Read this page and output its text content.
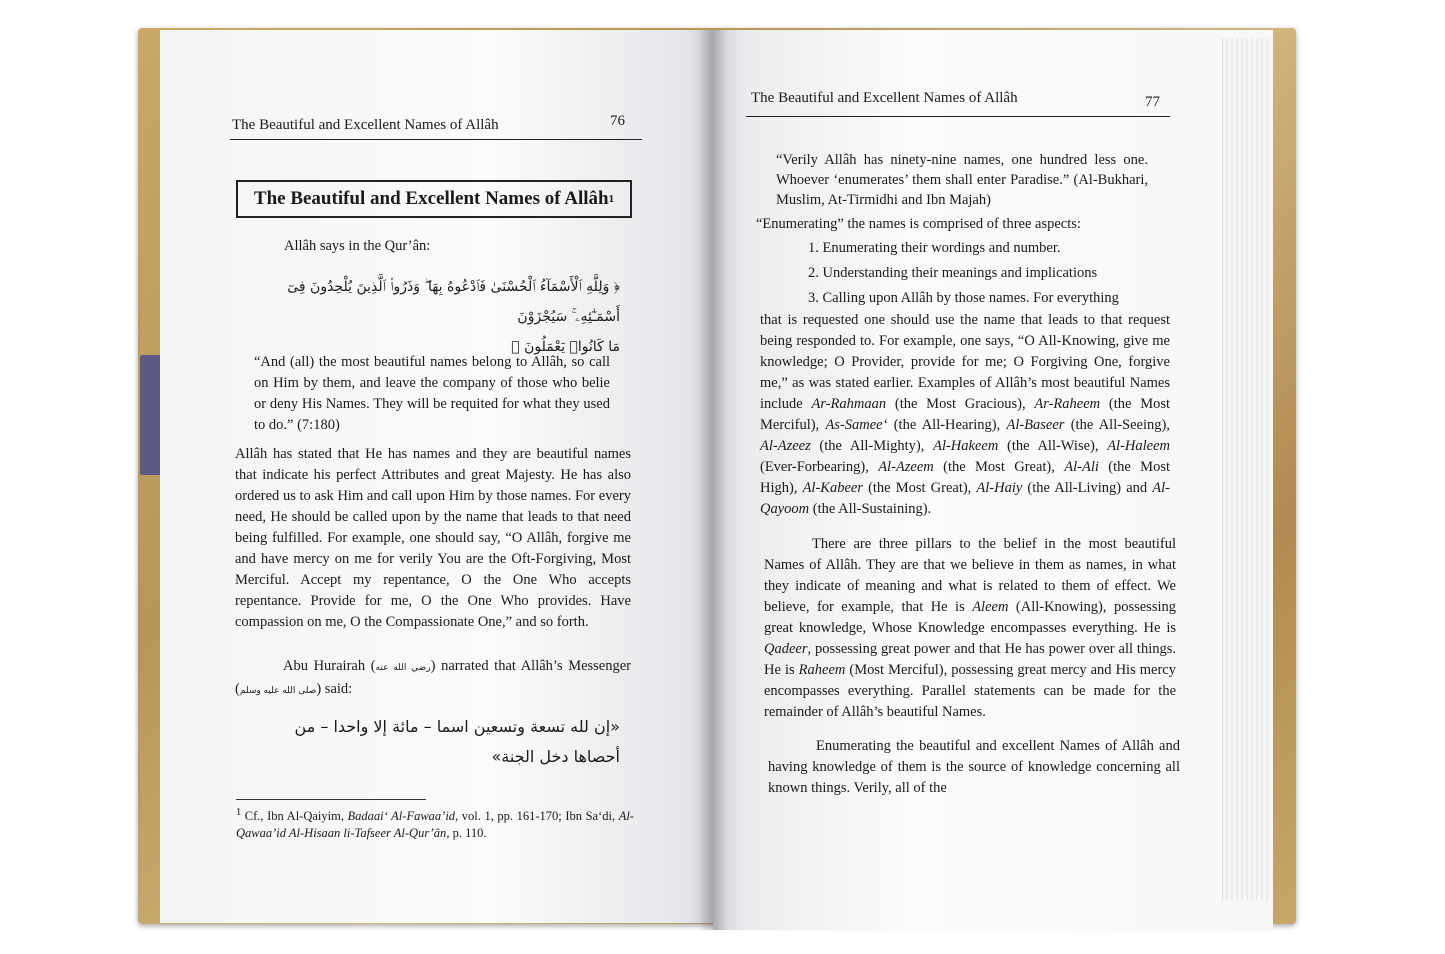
The Beautiful and Excellent Names of Allâh	76
The Beautiful and Excellent Names of Allâh 1
Allâh says in the Qur’ân:
﴿ وَلِلَّهِ ٱلْأَسْمَآءُ ٱلْحُسْنَىٰ فَٱدْعُوهُ بِهَا ۖ وَذَرُوا۟ ٱلَّذِينَ يُلْحِدُونَ فِىٓ أَسْمَـٰٓئِهِۦ ۚ سَيُجْزَوْنَ
مَا كَانُوا۟ يَعْمَلُونَ ﴾
“And (all) the most beautiful names belong to Allâh, so call on Him by them, and leave the company of those who belie or deny His Names. They will be requited for what they used to do.” (7:180)
Allâh has stated that He has names and they are beautiful names that indicate his perfect Attributes and great Majesty. He has also ordered us to ask Him and call upon Him by those names. For every need, He should be called upon by the name that leads to that need being fulfilled. For example, one should say, “O Allâh, forgive me and have mercy on me for verily You are the Oft-Forgiving, Most Merciful. Accept my repentance, O the One Who accepts repentance. Provide for me, O the One Who provides. Have compassion on me, O the Compassionate One,” and so forth.
Abu Hurairah (رضي الله عنه) narrated that Allâh’s Messenger (صلى الله عليه وسلم) said:
«إن لله تسعة وتسعين اسما – مائة إلا واحدا – من
أحصاها دخل الجنة»
$^1$ Cf., Ibn Al-Qaiyim, Badaai‘ Al-Fawaa’id, vol. 1, pp. 161-170; Ibn Sa‘di, Al-Qawaa’id Al-Hisaan li-Tafseer Al-Qur’ân, p. 110.
The Beautiful and Excellent Names of Allâh	77
“Verily Allâh has ninety-nine names, one hundred less one. Whoever ‘enumerates’ them shall enter Paradise.” (Al-Bukhari, Muslim, At-Tirmidhi and Ibn Majah)
“Enumerating” the names is comprised of three aspects:
1. Enumerating their wordings and number.
2. Understanding their meanings and implications
3. Calling upon Allâh by those names. For everything
that is requested one should use the name that leads to that request being responded to. For example, one says, “O All-Knowing, give me knowledge; O Provider, provide for me; O Forgiving One, forgive me,” as was stated earlier. Examples of Allâh’s most beautiful Names include Ar-Rahmaan (the Most Gracious), Ar-Raheem (the Most Merciful), As-Samee‘ (the All-Hearing), Al-Baseer (the All-Seeing), Al-Azeez (the All-Mighty), Al-Hakeem (the All-Wise), Al-Haleem (Ever-Forbearing), Al-Azeem (the Most Great), Al-Ali (the Most High), Al-Kabeer (the Most Great), Al-Haiy (the All-Living) and Al-Qayoom (the All-Sustaining).
There are three pillars to the belief in the most beautiful Names of Allâh. They are that we believe in them as names, in what they indicate of meaning and what is related to them of effect. We believe, for example, that He is Aleem (All-Knowing), possessing great knowledge, Whose Knowledge encompasses everything. He is Qadeer, possessing great power and that He has power over all things. He is Raheem (Most Merciful), possessing great mercy and His mercy encompasses everything. Parallel statements can be made for the remainder of Allâh’s beautiful Names.
Enumerating the beautiful and excellent Names of Allâh and having knowledge of them is the source of knowledge concerning all known things. Verily, all of the
